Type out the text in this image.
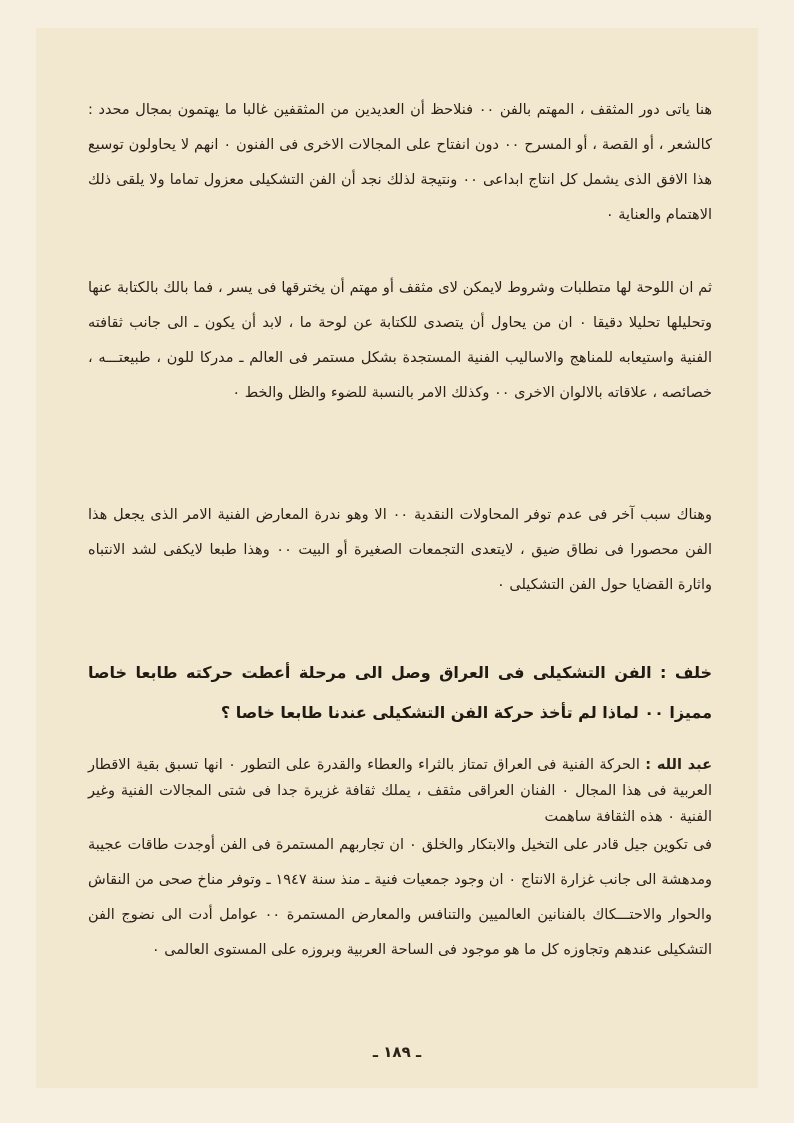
هنا ياتى دور المثقف ، المهتم بالفن ٠٠ فنلاحظ أن العديدين من المثقفين غالبا ما يهتمون بمجال محدد : كالشعر ، أو القصة ، أو المسرح ٠٠ دون انفتاح على المجالات الاخرى فى الفنون ٠ انهم لا يحاولون توسيع هذا الافق الذى يشمل كل انتاج ابداعى ٠٠ ونتيجة لذلك نجد أن الفن التشكيلى معزول تماما ولا يلقى ذلك الاهتمام والعناية ٠

ثم ان اللوحة لها متطلبات وشروط لايمكن لاى مثقف أو مهتم أن يخترقها فى يسر ، فما بالك بالكتابة عنها وتحليلها تحليلا دقيقا ٠ ان من يحاول أن يتصدى للكتابة عن لوحة ما ، لابد أن يكون ـ الى جانب ثقافته الفنية واستيعابه للمناهج والاساليب الفنية المستجدة بشكل مستمر فى العالم ـ مدركا للون ، طبيعتـــه ، خصائصه ، علاقاته بالالوان الاخرى ٠٠ وكذلك الامر بالنسبة للضوء والظل والخط ٠

وهناك سبب آخر فى عدم توفر المحاولات النقدية ٠٠ الا وهو ندرة المعارض الفنية الامر الذى يجعل هذا الفن محصورا فى نطاق ضيق ، لايتعدى التجمعات الصغيرة أو البيت ٠٠ وهذا طبعا لايكفى لشد الانتباه واثارة القضايا حول الفن التشكيلى ٠

خلف : الفن التشكيلى فى العراق وصل الى مرحلة أعطت حركته طابعا خاصا مميزا ٠٠ لماذا لم تأخذ حركة الفن التشكيلى عندنا طابعا خاصا ؟

عبد الله : الحركة الفنية فى العراق تمتاز بالثراء والعطاء والقدرة على التطور ٠ انها تسبق بقية الاقطار العربية فى هذا المجال ٠ الفنان العراقى مثقف ، يملك ثقافة غزيرة جدا فى شتى المجالات الفنية وغير الفنية ٠ هذه الثقافة ساهمت

فى تكوين جيل قادر على التخيل والابتكار والخلق ٠ ان تجاربهم المستمرة فى الفن أوجدت طاقات عجيبة ومدهشة الى جانب غزارة الانتاج ٠ ان وجود جمعيات فنية ـ منذ سنة ١٩٤٧ ـ وتوفر مناخ صحى من النقاش والحوار والاحتـــكاك بالفنانين العالميين والتنافس والمعارض المستمرة ٠٠ عوامل أدت الى نضوج الفن التشكيلى عندهم وتجاوزه كل ما هو موجود فى الساحة العربية وبروزه على المستوى العالمى ٠

ـ ١٨٩ ـ
